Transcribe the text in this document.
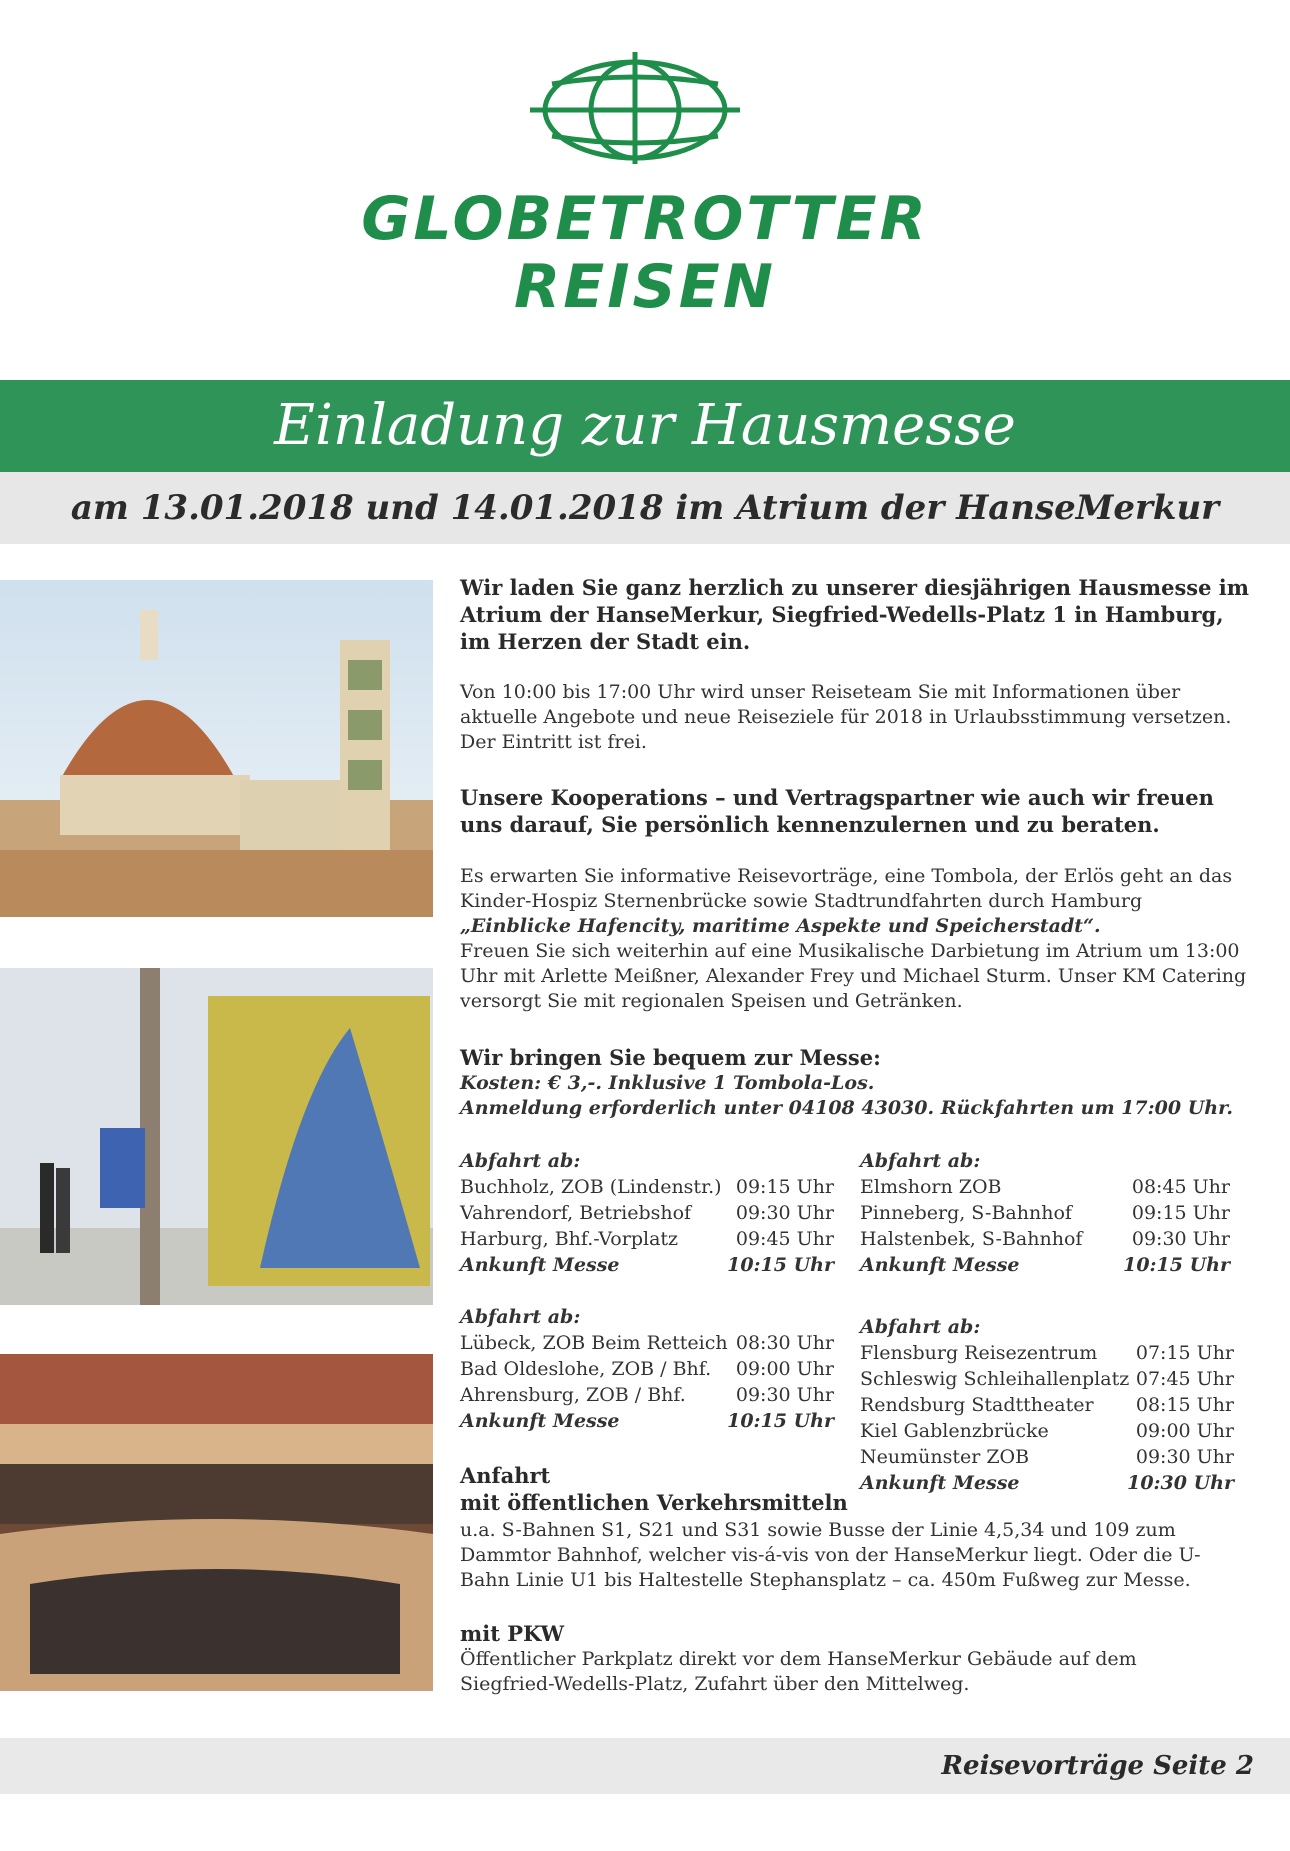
GLOBETROTTER
REISEN
Einladung zur Hausmesse
am 13.01.2018 und 14.01.2018 im Atrium der HanseMerkur

Wir laden Sie ganz herzlich zu unserer diesjährigen Hausmesse im Atrium der HanseMerkur, Siegfried-Wedells-Platz 1 in Hamburg, im Herzen der Stadt ein.

Von 10:00 bis 17:00 Uhr wird unser Reiseteam Sie mit Informationen über aktuelle Angebote und neue Reiseziele für 2018 in Urlaubsstimmung versetzen. Der Eintritt ist frei.

Unsere Kooperations – und Vertragspartner wie auch wir freuen uns darauf, Sie persönlich kennenzulernen und zu beraten.

Es erwarten Sie informative Reisevorträge, eine Tombola, der Erlös geht an das Kinder-Hospiz Sternenbrücke sowie Stadtrundfahrten durch Hamburg

„Einblicke Hafencity, maritime Aspekte und Speicherstadt“.

Freuen Sie sich weiterhin auf eine Musikalische Darbietung im Atrium um 13:00 Uhr mit Arlette Meißner, Alexander Frey und Michael Sturm. Unser KM Catering versorgt Sie mit regionalen Speisen und Getränken.

Wir bringen Sie bequem zur Messe:

Kosten: € 3,-. Inklusive 1 Tombola-Los.

Anmeldung erforderlich unter 04108 43030. Rückfahrten um 17:00 Uhr.

Abfahrt ab:
Buchholz, ZOB (Lindenstr.) 09:15 Uhr
Vahrendorf, Betriebshof 09:30 Uhr
Harburg, Bhf.-Vorplatz	09:45 Uhr
Ankunft Messe	10:15 Uhr
Abfahrt ab:
Elmshorn ZOB	08:45 Uhr
Pinneberg, S-Bahnhof	09:15 Uhr
Halstenbek, S-Bahnhof	09:30 Uhr
Ankunft Messe	10:15 Uhr
Abfahrt ab:
Lübeck, ZOB Beim Retteich 08:30 Uhr
Bad Oldeslohe, ZOB / Bhf. 09:00 Uhr
Ahrensburg, ZOB / Bhf.	09:30 Uhr
Ankunft Messe	10:15 Uhr
Abfahrt ab:
Flensburg Reisezentrum 07:15 Uhr
Schleswig Schleihallenplatz 07:45 Uhr
Rendsburg Stadttheater 08:15 Uhr
Kiel Gablenzbrücke	09:00 Uhr
Neumünster ZOB	09:30 Uhr
Ankunft Messe	10:30 Uhr

Anfahrt

mit öffentlichen Verkehrsmitteln

u.a. S-Bahnen S1, S21 und S31 sowie Busse der Linie 4,5,34 und 109 zum Dammtor Bahnhof, welcher vis-á-vis von der HanseMerkur liegt. Oder die U-Bahn Linie U1 bis Haltestelle Stephansplatz – ca. 450m Fußweg zur Messe.

mit PKW

Öffentlicher Parkplatz direkt vor dem HanseMerkur Gebäude auf dem Siegfried-Wedells-Platz, Zufahrt über den Mittelweg.

Reisevorträge Seite 2
